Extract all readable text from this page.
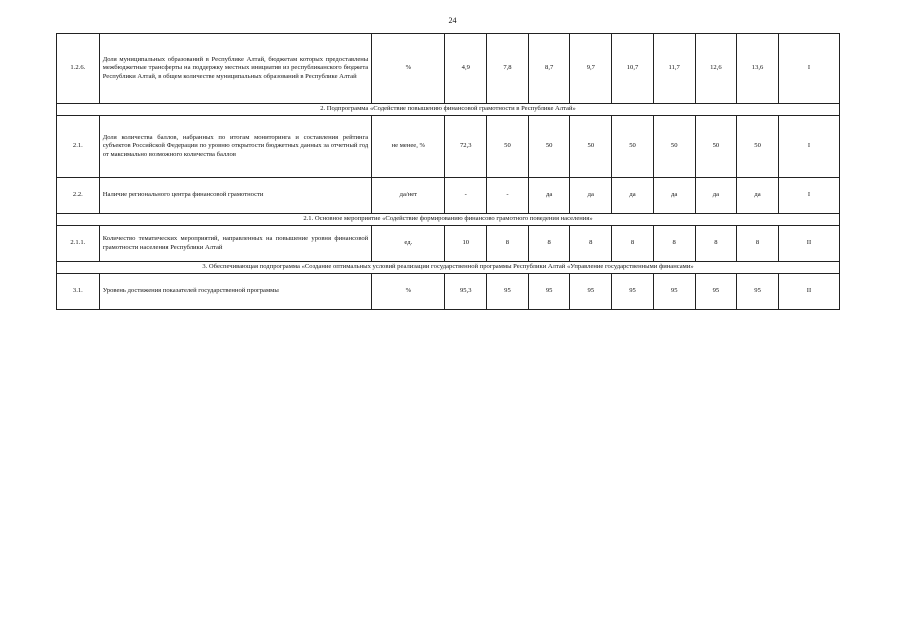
24
1.2.6.	Доля муниципальных образований в Республике Алтай, бюджетам которых предоставлены межбюджетные трансферты на поддержку местных инициатив из республиканского бюджета Республики Алтай, в общем количестве муниципальных образований в Республике Алтай	%	4,9	7,8	8,7	9,7	10,7	11,7	12,6	13,6	I
2. Подпрограмма «Содействие повышению финансовой грамотности в Республике Алтай»											
2.1.	Доля количества баллов, набранных по итогам мониторинга и составления рейтинга субъектов Российской Федерации по уровню открытости бюджетных данных за отчетный год от максимально возможного количества баллов	не менее, %	72,3	50	50	50	50	50	50	50	I
2.2.	Наличие регионального центра финансовой грамотности	да/нет	-	-	да	да	да	да	да	да	I
2.1. Основное мероприятие «Содействие формированию финансово грамотного поведения населения»											
2.1.1.	Количество тематических мероприятий, направленных на повышение уровня финансовой грамотности населения Республики Алтай	ед.	10	8	8	8	8	8	8	8	II
3. Обеспечивающая подпрограмма «Создание оптимальных условий реализации государственной программы Республики Алтай «Управление государственными финансами»											
3.1.	Уровень достижения показателей государственной программы	%	95,3	95	95	95	95	95	95	95	II
